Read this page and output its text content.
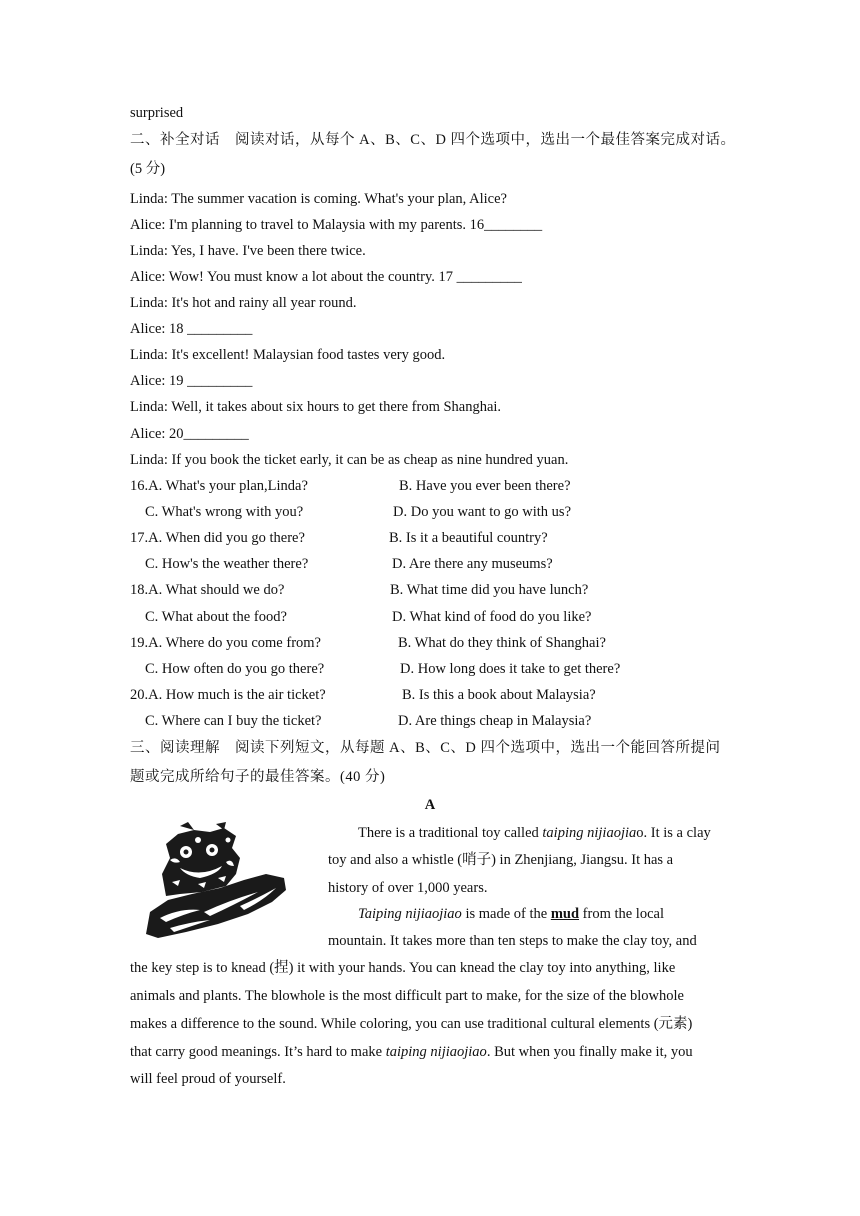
surprised
二、补全对话　阅读对话，从每个 A、B、C、D 四个选项中，选出一个最佳答案完成对话。
(5 分)
Linda: The summer vacation is coming. What's your plan, Alice?
Alice: I'm planning to travel to Malaysia with my parents. 16________
Linda: Yes, I have. I've been there twice.
Alice: Wow! You must know a lot about the country. 17 _________
Linda: It's hot and rainy all year round.
Alice: 18 _________
Linda: It's excellent! Malaysian food tastes very good.
Alice: 19 _________
Linda: Well, it takes about six hours to get there from Shanghai.
Alice: 20_________
Linda: If you book the ticket early, it can be as cheap as nine hundred yuan.
16.A. What's your plan,Linda?	B. Have you ever been there?
C. What's wrong with you?	D. Do you want to go with us?
17.A. When did you go there?	B. Is it a beautiful country?
C. How's the weather there?	D. Are there any museums?
18.A. What should we do?	B. What time did you have lunch?
C. What about the food?	D. What kind of food do you like?
19.A. Where do you come from?	B. What do they think of Shanghai?
C. How often do you go there?	D. How long does it take to get there?
20.A. How much is the air ticket?	B. Is this a book about Malaysia?
C. Where can I buy the ticket?	D. Are things cheap in Malaysia?
三、阅读理解　阅读下列短文，从每题 A、B、C、D 四个选项中，选出一个能回答所提问
题或完成所给句子的最佳答案。(40 分)
A

There is a traditional toy called taiping nijiaojiao. It is a clay

toy and also a whistle (哨子) in Zhenjiang, Jiangsu. It has a

history of over 1,000 years.

Taiping nijiaojiao is made of the mud from the local

mountain. It takes more than ten steps to make the clay toy, and

the key step is to knead (捏) it with your hands. You can knead the clay toy into anything, like
animals and plants. The blowhole is the most difficult part to make, for the size of the blowhole
makes a difference to the sound. While coloring, you can use traditional cultural elements (元素)
that carry good meanings. It’s hard to make taiping nijiaojiao. But when you finally make it, you
will feel proud of yourself.
